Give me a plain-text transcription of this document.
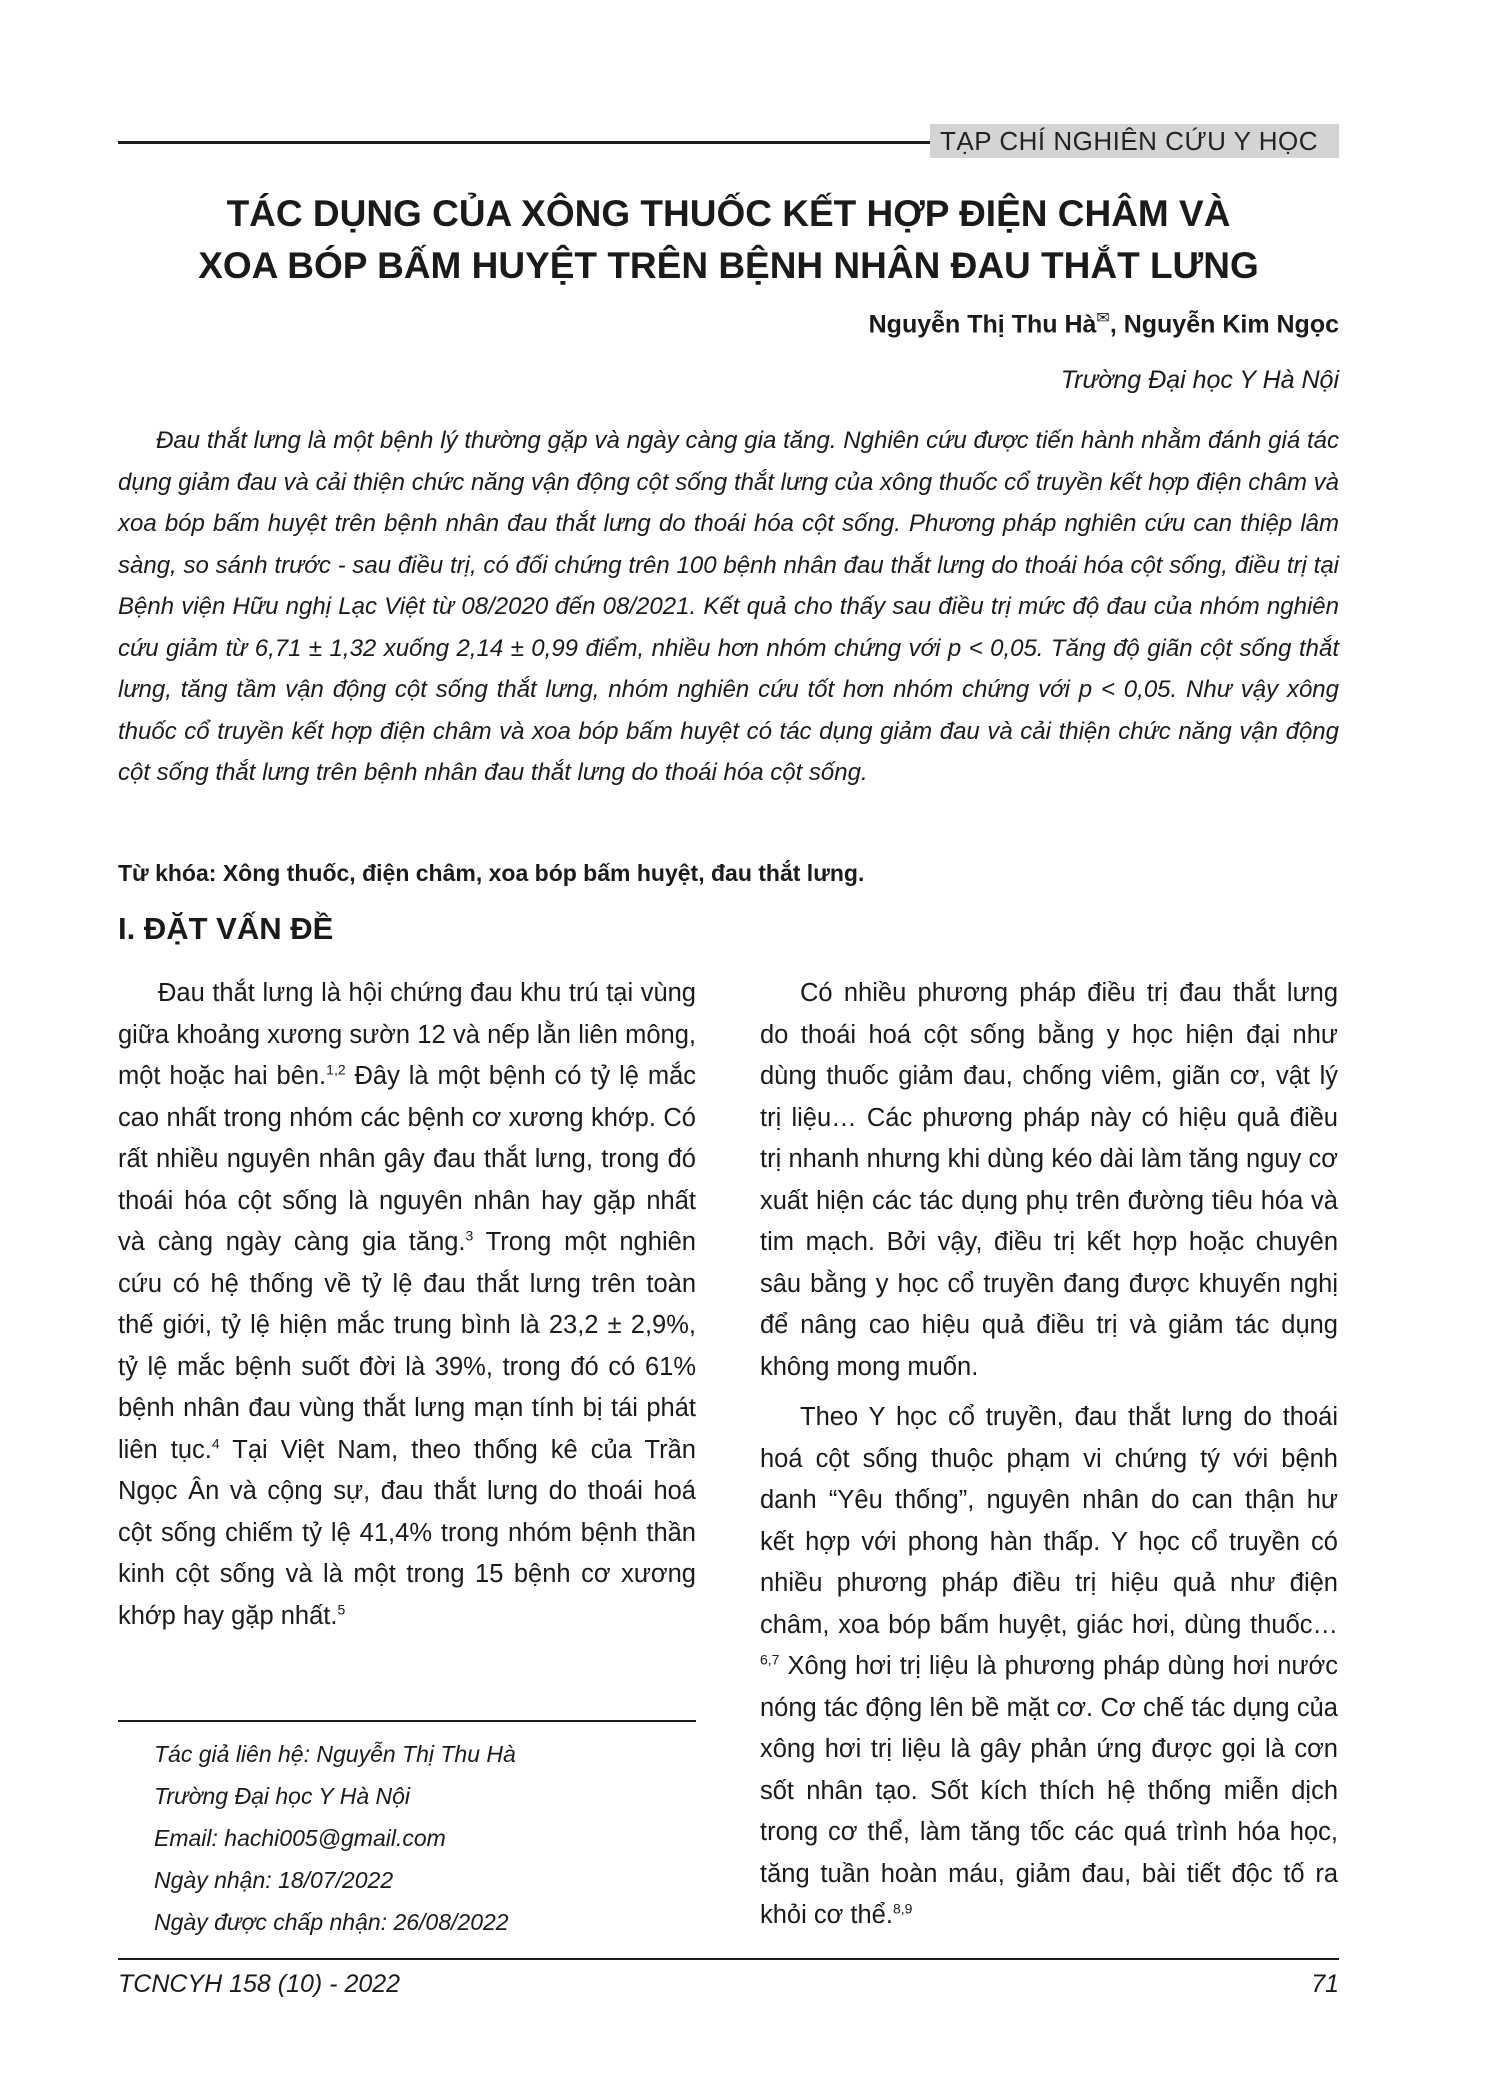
TẠP CHÍ NGHIÊN CỨU Y HỌC
TÁC DỤNG CỦA XÔNG THUỐC KẾT HỢP ĐIỆN CHÂM VÀ
XOA BÓP BẤM HUYỆT TRÊN BỆNH NHÂN ĐAU THẮT LƯNG
Nguyễn Thị Thu Hà✉, Nguyễn Kim Ngọc
Trường Đại học Y Hà Nội

Đau thắt lưng là một bệnh lý thường gặp và ngày càng gia tăng. Nghiên cứu được tiến hành nhằm đánh giá tác dụng giảm đau và cải thiện chức năng vận động cột sống thắt lưng của xông thuốc cổ truyền kết hợp điện châm và xoa bóp bấm huyệt trên bệnh nhân đau thắt lưng do thoái hóa cột sống. Phương pháp nghiên cứu can thiệp lâm sàng, so sánh trước - sau điều trị, có đối chứng trên 100 bệnh nhân đau thắt lưng do thoái hóa cột sống, điều trị tại Bệnh viện Hữu nghị Lạc Việt từ 08/2020 đến 08/2021. Kết quả cho thấy sau điều trị mức độ đau của nhóm nghiên cứu giảm từ 6,71 ± 1,32 xuống 2,14 ± 0,99 điểm, nhiều hơn nhóm chứng với p < 0,05. Tăng độ giãn cột sống thắt lưng, tăng tầm vận động cột sống thắt lưng, nhóm nghiên cứu tốt hơn nhóm chứng với p < 0,05. Như vậy xông thuốc cổ truyền kết hợp điện châm và xoa bóp bấm huyệt có tác dụng giảm đau và cải thiện chức năng vận động cột sống thắt lưng trên bệnh nhân đau thắt lưng do thoái hóa cột sống.

Từ khóa: Xông thuốc, điện châm, xoa bóp bấm huyệt, đau thắt lưng.
I. ĐẶT VẤN ĐỀ

Đau thắt lưng là hội chứng đau khu trú tại vùng giữa khoảng xương sườn 12 và nếp lằn liên mông, một hoặc hai bên.$^{1,2}$ Đây là một bệnh có tỷ lệ mắc cao nhất trong nhóm các bệnh cơ xương khớp. Có rất nhiều nguyên nhân gây đau thắt lưng, trong đó thoái hóa cột sống là nguyên nhân hay gặp nhất và càng ngày càng gia tăng.$^3$ Trong một nghiên cứu có hệ thống về tỷ lệ đau thắt lưng trên toàn thế giới, tỷ lệ hiện mắc trung bình là 23,2 ± 2,9%, tỷ lệ mắc bệnh suốt đời là 39%, trong đó có 61% bệnh nhân đau vùng thắt lưng mạn tính bị tái phát liên tục.$^4$ Tại Việt Nam, theo thống kê của Trần Ngọc Ân và cộng sự, đau thắt lưng do thoái hoá cột sống chiếm tỷ lệ 41,4% trong nhóm bệnh thần kinh cột sống và là một trong 15 bệnh cơ xương khớp hay gặp nhất.$^5$

Tác giả liên hệ: Nguyễn Thị Thu Hà
Trường Đại học Y Hà Nội
Email: hachi005@gmail.com
Ngày nhận: 18/07/2022
Ngày được chấp nhận: 26/08/2022

Có nhiều phương pháp điều trị đau thắt lưng do thoái hoá cột sống bằng y học hiện đại như dùng thuốc giảm đau, chống viêm, giãn cơ, vật lý trị liệu… Các phương pháp này có hiệu quả điều trị nhanh nhưng khi dùng kéo dài làm tăng nguy cơ xuất hiện các tác dụng phụ trên đường tiêu hóa và tim mạch. Bởi vậy, điều trị kết hợp hoặc chuyên sâu bằng y học cổ truyền đang được khuyến nghị để nâng cao hiệu quả điều trị và giảm tác dụng không mong muốn.

Theo Y học cổ truyền, đau thắt lưng do thoái hoá cột sống thuộc phạm vi chứng tý với bệnh danh “Yêu thống”, nguyên nhân do can thận hư kết hợp với phong hàn thấp. Y học cổ truyền có nhiều phương pháp điều trị hiệu quả như điện châm, xoa bóp bấm huyệt, giác hơi, dùng thuốc…$^{6,7}$ Xông hơi trị liệu là phương pháp dùng hơi nước nóng tác động lên bề mặt cơ. Cơ chế tác dụng của xông hơi trị liệu là gây phản ứng được gọi là cơn sốt nhân tạo. Sốt kích thích hệ thống miễn dịch trong cơ thể, làm tăng tốc các quá trình hóa học, tăng tuần hoàn máu, giảm đau, bài tiết độc tố ra khỏi cơ thể.$^{8,9}$

TCNCYH 158 (10) - 2022	71
